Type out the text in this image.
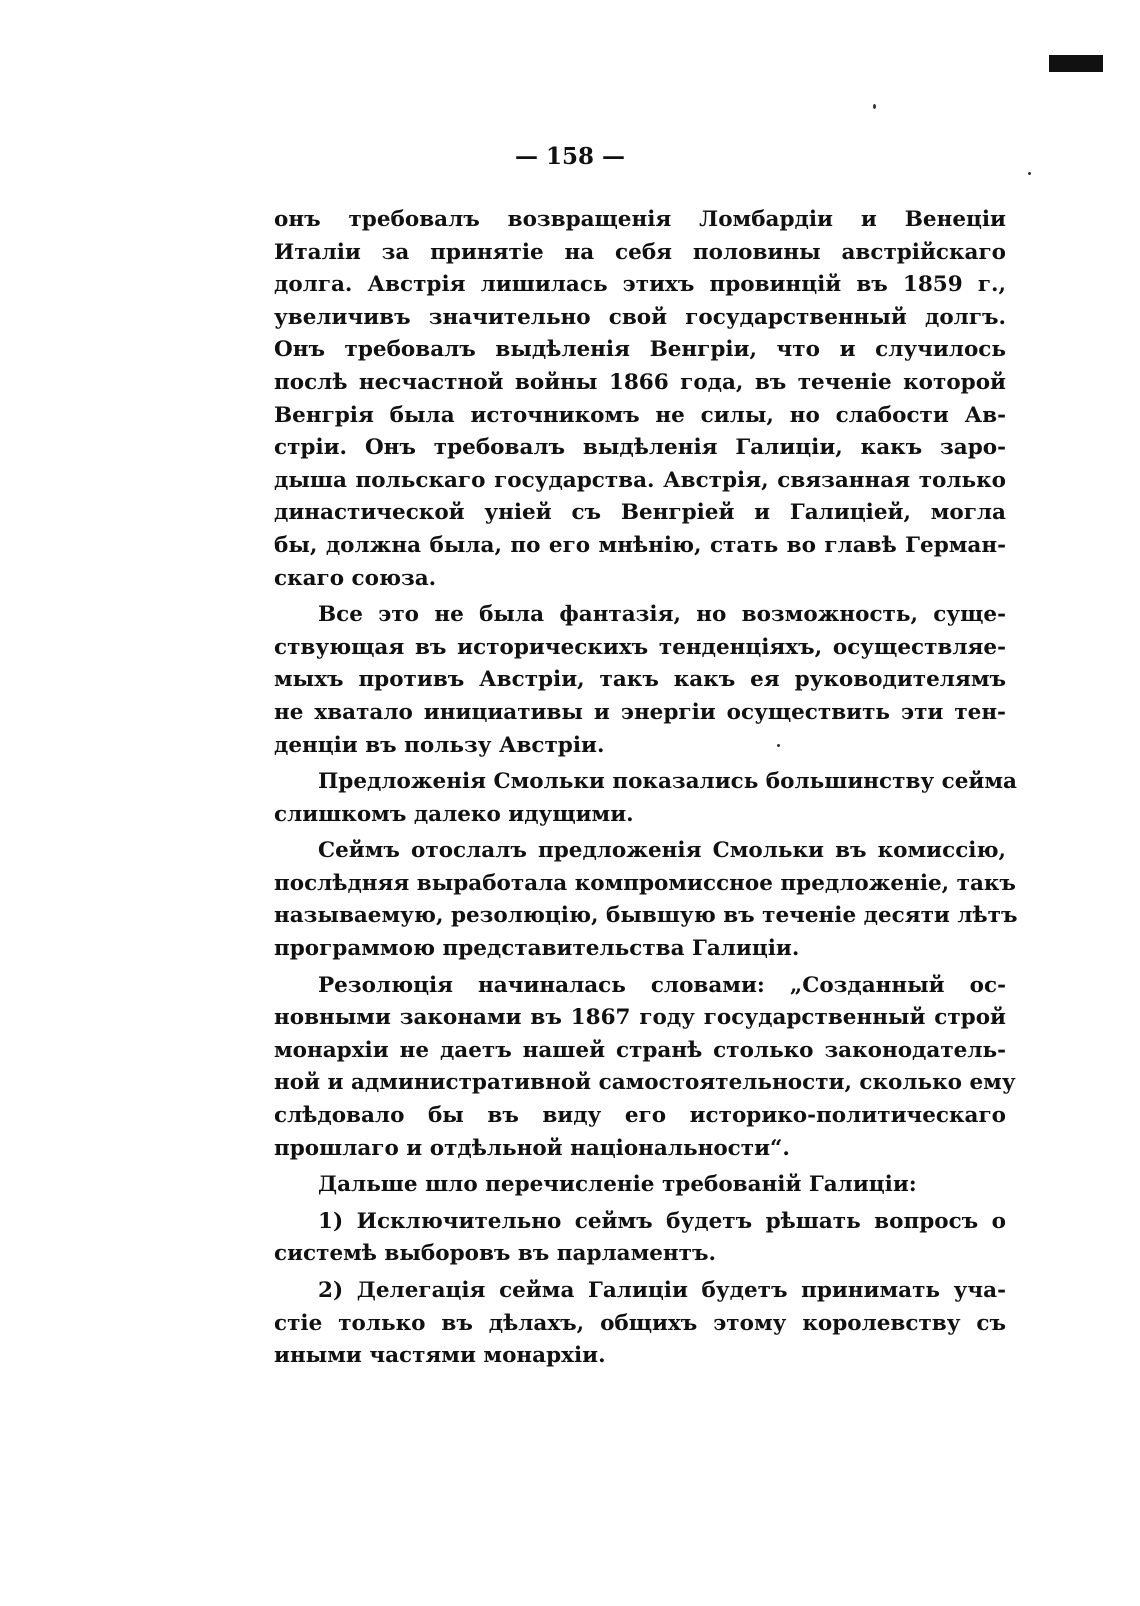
— 158 —

онъ требовалъ возвращенія Ломбардіи и Венеціи
Италіи за принятіе на себя половины австрійскаго
долга. Австрія лишилась этихъ провинцій въ 1859 г.,
увеличивъ значительно свой государственный долгъ.
Онъ требовалъ выдѣленія Венгріи, что и случилось
послѣ несчастной войны 1866 года, въ теченіе которой
Венгрія была источникомъ не силы, но слабости Ав-
стріи. Онъ требовалъ выдѣленія Галиціи, какъ заро-
дыша польскаго государства. Австрія, связанная только
династической уніей съ Венгріей и Галиціей, могла
бы, должна была, по его мнѣнію, стать во главѣ Герман-
скаго союза.

Все это не была фантазія, но возможность, суще-
ствующая въ историческихъ тенденціяхъ, осуществляе-
мыхъ противъ Австріи, такъ какъ ея руководителямъ
не хватало инициативы и энергіи осуществить эти тен-
денціи въ пользу Австріи.

Предложенія Смольки показались большинству сейма
слишкомъ далеко идущими.

Сеймъ отослалъ предложенія Смольки въ комиссію,
послѣдняя выработала компромиссное предложеніе, такъ
называемую, резолюцію, бывшую въ теченіе десяти лѣтъ
программою представительства Галиціи.

Резолюція начиналась словами: „Созданный ос-
новными законами въ 1867 году государственный строй
монархіи не даетъ нашей странѣ столько законодатель-
ной и административной самостоятельности, сколько ему
слѣдовало бы въ виду его историко-политическаго
прошлаго и отдѣльной національности“.

Дальше шло перечисленіе требованій Галиціи:

1) Исключительно сеймъ будетъ рѣшать вопросъ о
системѣ выборовъ въ парламентъ.

2) Делегація сейма Галиціи будетъ принимать уча-
стіе только въ дѣлахъ, общихъ этому королевству съ
иными частями монархіи.
